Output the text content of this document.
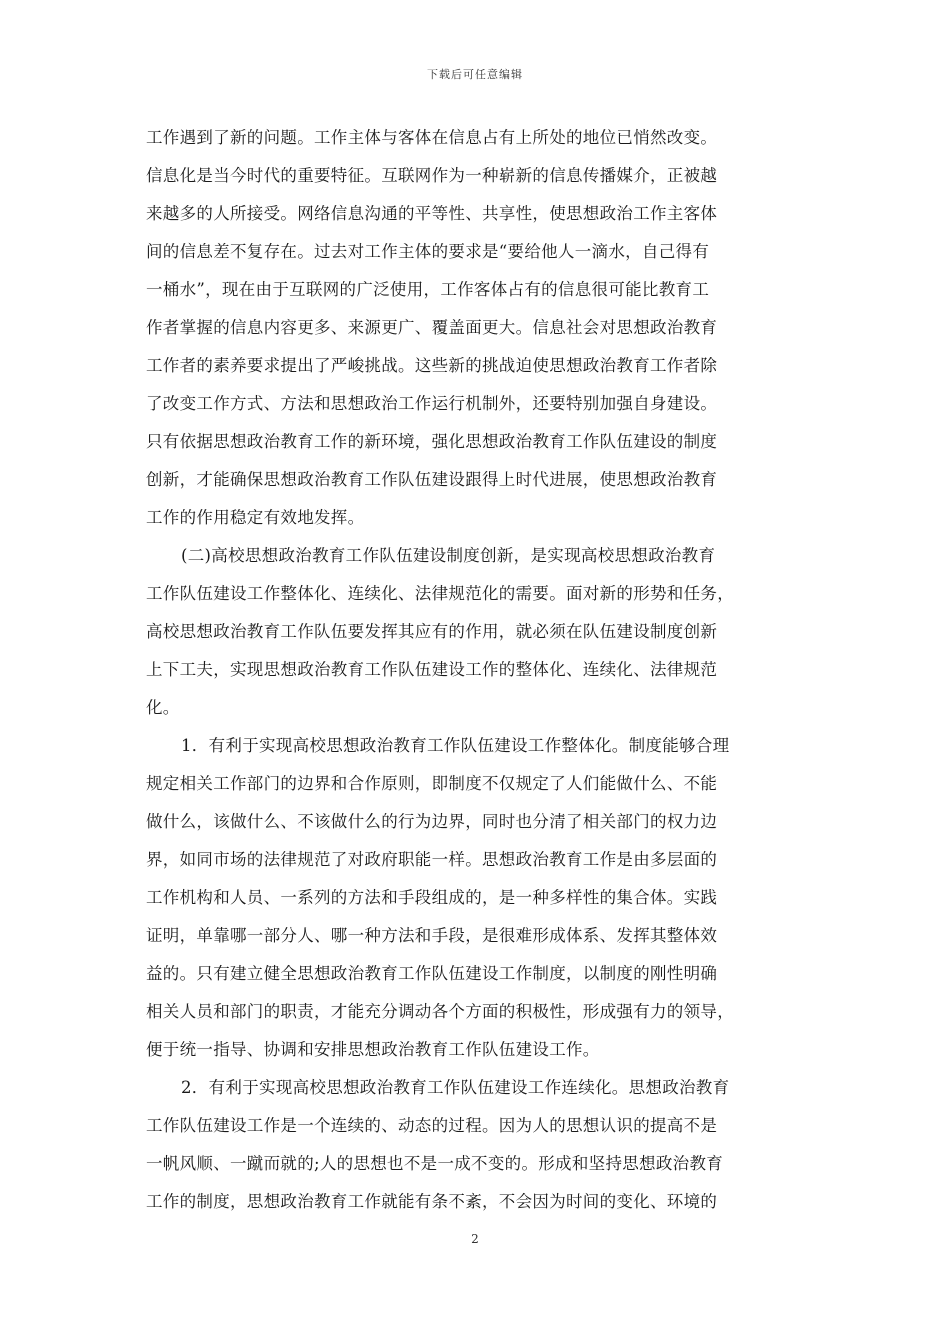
下载后可任意编辑
工作遇到了新的问题。工作主体与客体在信息占有上所处的地位已悄然改变。
信息化是当今时代的重要特征。互联网作为一种崭新的信息传播媒介，正被越
来越多的人所接受。网络信息沟通的平等性、共享性，使思想政治工作主客体
间的信息差不复存在。过去对工作主体的要求是“要给他人一滴水，自己得有
一桶水”，现在由于互联网的广泛使用，工作客体占有的信息很可能比教育工
作者掌握的信息内容更多、来源更广、覆盖面更大。信息社会对思想政治教育
工作者的素养要求提出了严峻挑战。这些新的挑战迫使思想政治教育工作者除
了改变工作方式、方法和思想政治工作运行机制外，还要特别加强自身建设。
只有依据思想政治教育工作的新环境，强化思想政治教育工作队伍建设的制度
创新，才能确保思想政治教育工作队伍建设跟得上时代进展，使思想政治教育
工作的作用稳定有效地发挥。
(二)高校思想政治教育工作队伍建设制度创新，是实现高校思想政治教育
工作队伍建设工作整体化、连续化、法律规范化的需要。面对新的形势和任务，
高校思想政治教育工作队伍要发挥其应有的作用，就必须在队伍建设制度创新
上下工夫，实现思想政治教育工作队伍建设工作的整体化、连续化、法律规范
化。
1．有利于实现高校思想政治教育工作队伍建设工作整体化。制度能够合理
规定相关工作部门的边界和合作原则，即制度不仅规定了人们能做什么、不能
做什么，该做什么、不该做什么的行为边界，同时也分清了相关部门的权力边
界，如同市场的法律规范了对政府职能一样。思想政治教育工作是由多层面的
工作机构和人员、一系列的方法和手段组成的，是一种多样性的集合体。实践
证明，单靠哪一部分人、哪一种方法和手段，是很难形成体系、发挥其整体效
益的。只有建立健全思想政治教育工作队伍建设工作制度，以制度的刚性明确
相关人员和部门的职责，才能充分调动各个方面的积极性，形成强有力的领导，
便于统一指导、协调和安排思想政治教育工作队伍建设工作。
2．有利于实现高校思想政治教育工作队伍建设工作连续化。思想政治教育
工作队伍建设工作是一个连续的、动态的过程。因为人的思想认识的提高不是
一帆风顺、一蹴而就的;人的思想也不是一成不变的。形成和坚持思想政治教育
工作的制度，思想政治教育工作就能有条不紊，不会因为时间的变化、环境的
2
